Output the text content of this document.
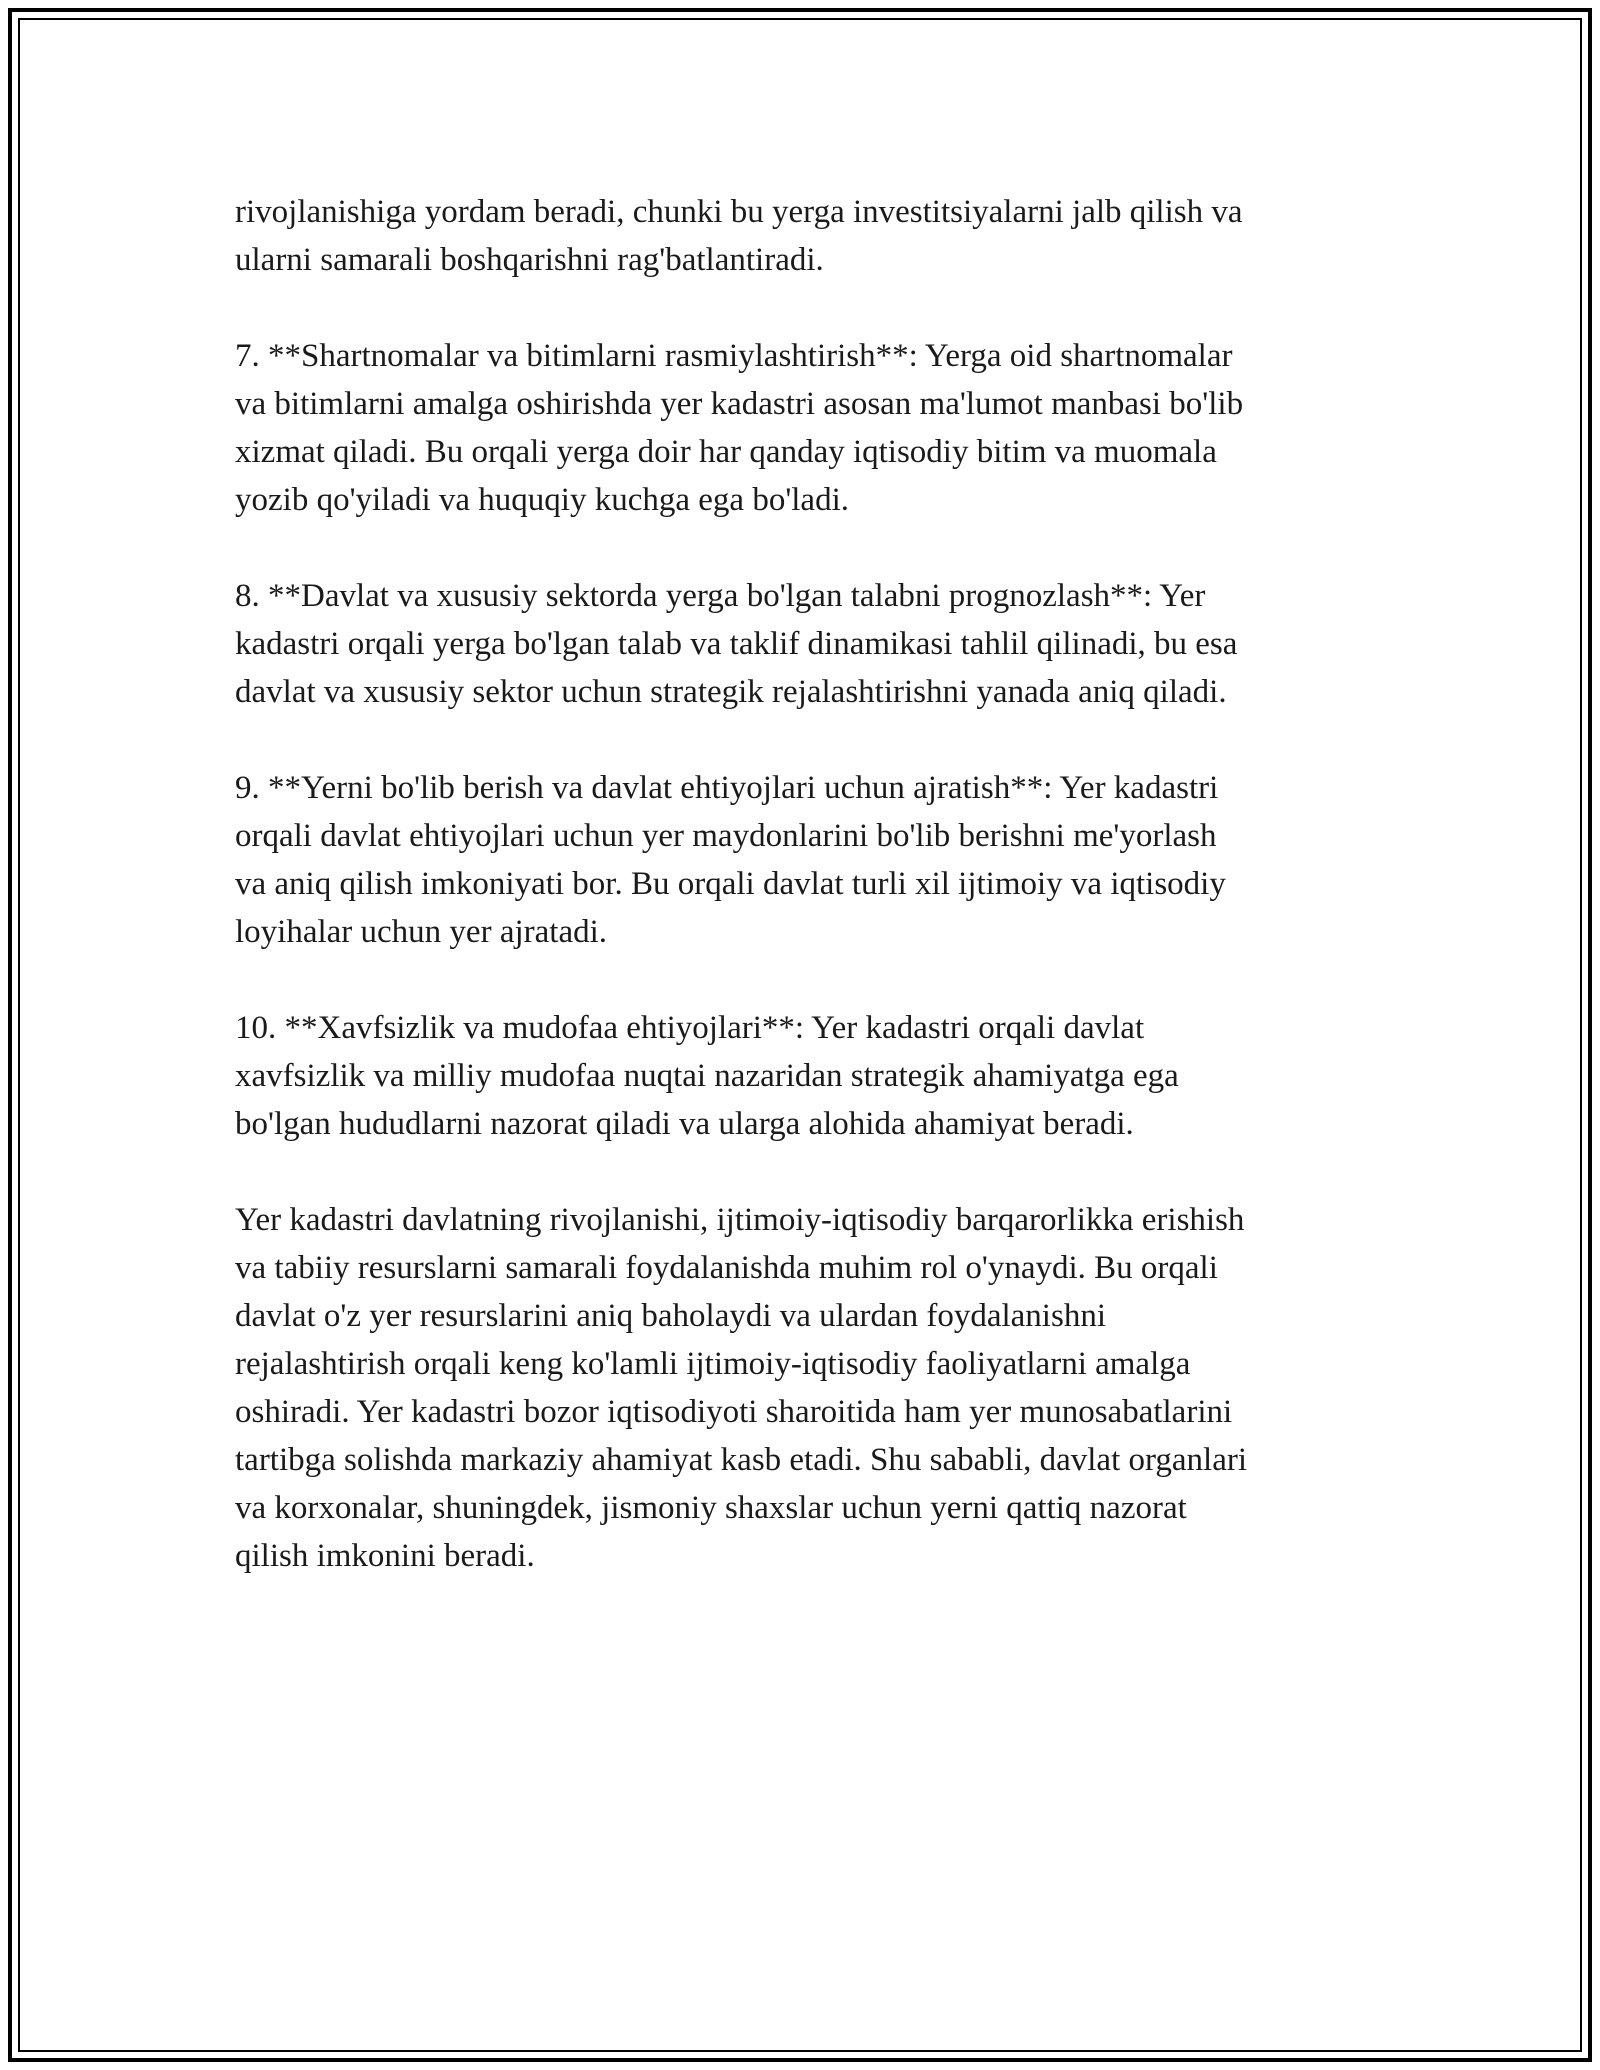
rivojlanishiga yordam beradi, chunki bu yerga investitsiyalarni jalb qilish va
ularni samarali boshqarishni rag'batlantiradi.

7. **Shartnomalar va bitimlarni rasmiylashtirish**: Yerga oid shartnomalar
va bitimlarni amalga oshirishda yer kadastri asosan ma'lumot manbasi bo'lib
xizmat qiladi. Bu orqali yerga doir har qanday iqtisodiy bitim va muomala
yozib qo'yiladi va huquqiy kuchga ega bo'ladi.

8. **Davlat va xususiy sektorda yerga bo'lgan talabni prognozlash**: Yer
kadastri orqali yerga bo'lgan talab va taklif dinamikasi tahlil qilinadi, bu esa
davlat va xususiy sektor uchun strategik rejalashtirishni yanada aniq qiladi.

9. **Yerni bo'lib berish va davlat ehtiyojlari uchun ajratish**: Yer kadastri
orqali davlat ehtiyojlari uchun yer maydonlarini bo'lib berishni me'yorlash
va aniq qilish imkoniyati bor. Bu orqali davlat turli xil ijtimoiy va iqtisodiy
loyihalar uchun yer ajratadi.

10. **Xavfsizlik va mudofaa ehtiyojlari**: Yer kadastri orqali davlat
xavfsizlik va milliy mudofaa nuqtai nazaridan strategik ahamiyatga ega
bo'lgan hududlarni nazorat qiladi va ularga alohida ahamiyat beradi.

Yer kadastri davlatning rivojlanishi, ijtimoiy-iqtisodiy barqarorlikka erishish
va tabiiy resurslarni samarali foydalanishda muhim rol o'ynaydi. Bu orqali
davlat o'z yer resurslarini aniq baholaydi va ulardan foydalanishni
rejalashtirish orqali keng ko'lamli ijtimoiy-iqtisodiy faoliyatlarni amalga
oshiradi. Yer kadastri bozor iqtisodiyoti sharoitida ham yer munosabatlarini
tartibga solishda markaziy ahamiyat kasb etadi. Shu sababli, davlat organlari
va korxonalar, shuningdek, jismoniy shaxslar uchun yerni qattiq nazorat
qilish imkonini beradi.
